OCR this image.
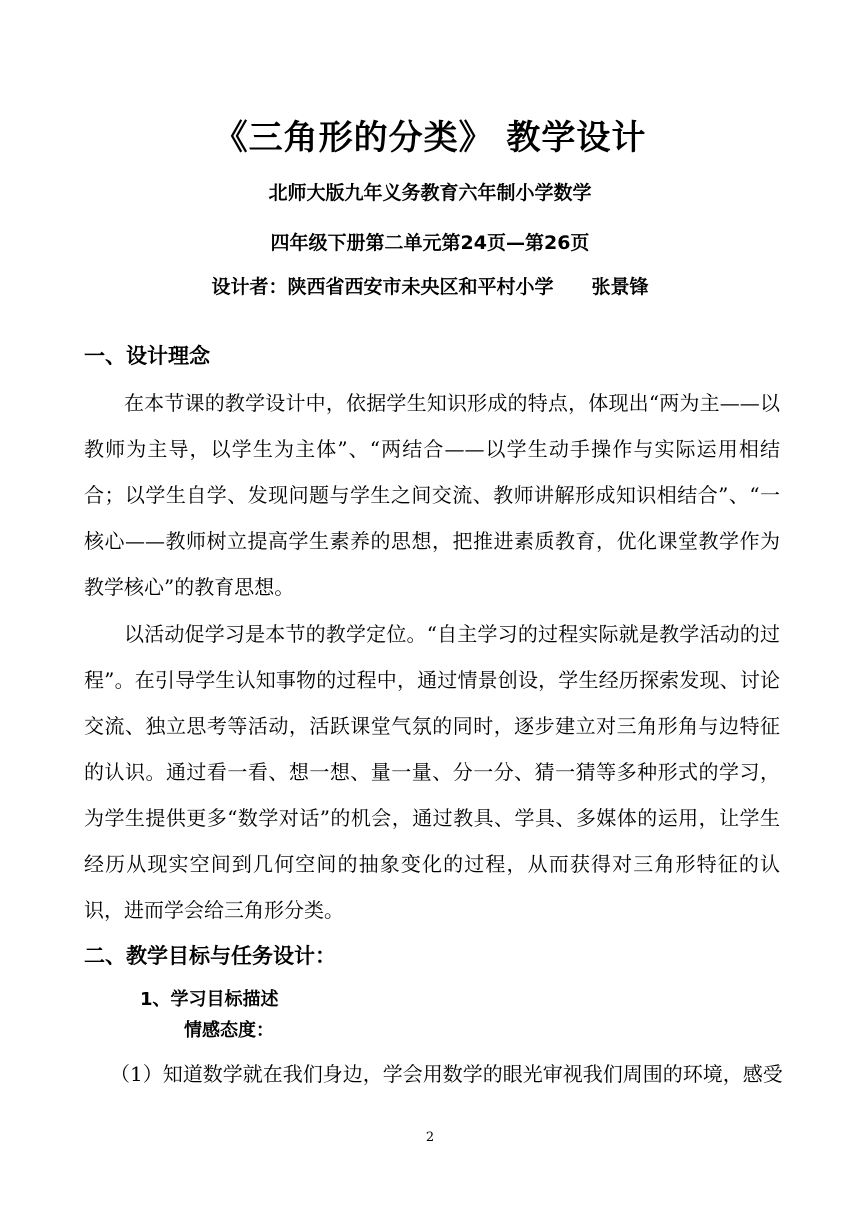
《三角形的分类》 教学设计
北师大版九年义务教育六年制小学数学
四年级下册第二单元第24页—第26页
设计者：陕西省西安市未央区和平村小学　　张景锋
一、设计理念

在本节课的教学设计中，依据学生知识形成的特点，体现出“两为主——以教师为主导，以学生为主体”、“两结合——以学生动手操作与实际运用相结合；以学生自学、发现问题与学生之间交流、教师讲解形成知识相结合”、“一核心——教师树立提高学生素养的思想，把推进素质教育，优化课堂教学作为教学核心”的教育思想。

以活动促学习是本节的教学定位。“自主学习的过程实际就是教学活动的过程”。在引导学生认知事物的过程中，通过情景创设，学生经历探索发现、讨论交流、独立思考等活动，活跃课堂气氛的同时，逐步建立对三角形角与边特征的认识。通过看一看、想一想、量一量、分一分、猜一猜等多种形式的学习，为学生提供更多“数学对话”的机会，通过教具、学具、多媒体的运用，让学生经历从现实空间到几何空间的抽象变化的过程，从而获得对三角形特征的认识，进而学会给三角形分类。

二、教学目标与任务设计：
1、学习目标描述
情感态度：
（1）知道数学就在我们身边，学会用数学的眼光审视我们周围的环境，感受
2
